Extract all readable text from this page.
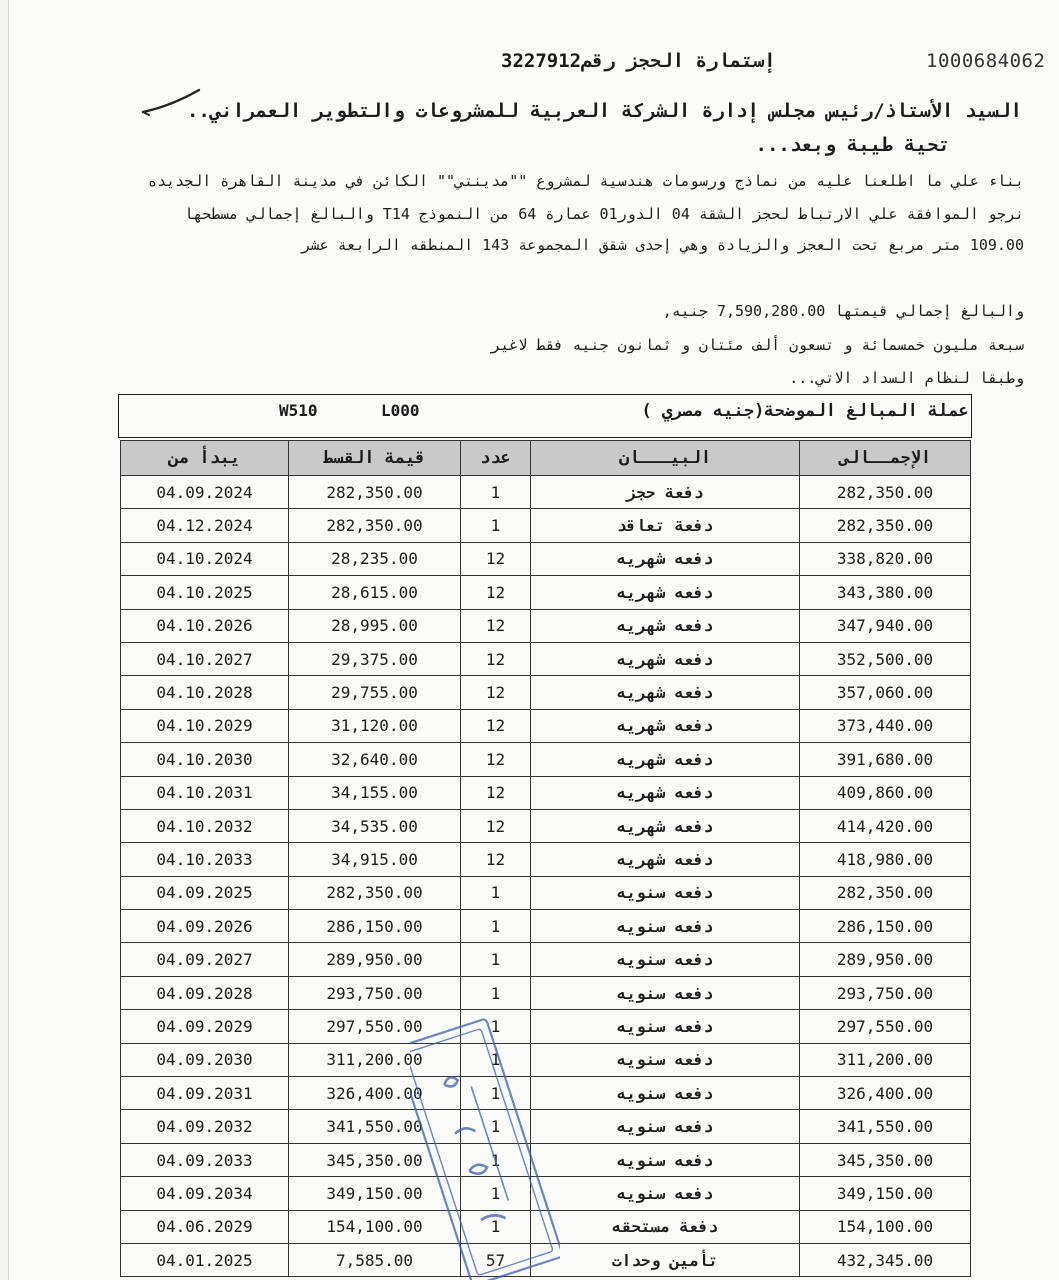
1000684062
إستمارة الحجز رقم3227912
السيد الأستاذ/رئيس مجلس إدارة الشركة العربية للمشروعات والتطوير العمراني..
تحية طيبة وبعد...
بناء علي ما اطلعنا عليه من نماذج ورسومات هندسية لمشروع ""مدينتي"" الكائن في مدينة القاهرة الجديده
نرجو الموافقة علي الارتباط لحجز الشقة 04 الدور01 عمارة 64 من النموذج T14 والبالغ إجمالي مسطحها
109.00 متر مربع تحت العجز والزيادة وهي إحدى شقق المجموعة 143 المنطقه الرابعة عشر
والبالغ إجمالي قيمتها 7,590,280.00 جنيه,
سبعة مليون خمسمائة و تسعون ألف مئتان و ثمانون جنيه فقط لاغير
وطبقا لنظام السداد الاتي...
عملة المبالغ الموضحة(جنيه مصري )
W510	L000
يبدأ من	قيمة القسط	عدد	البيـــان	الإجمــالى
04.09.2024	282,350.00	1	دفعة حجز	282,350.00
04.12.2024	282,350.00	1	دفعة تعاقد	282,350.00
04.10.2024	28,235.00	12	دفعه شهريه	338,820.00
04.10.2025	28,615.00	12	دفعه شهريه	343,380.00
04.10.2026	28,995.00	12	دفعه شهريه	347,940.00
04.10.2027	29,375.00	12	دفعه شهريه	352,500.00
04.10.2028	29,755.00	12	دفعه شهريه	357,060.00
04.10.2029	31,120.00	12	دفعه شهريه	373,440.00
04.10.2030	32,640.00	12	دفعه شهريه	391,680.00
04.10.2031	34,155.00	12	دفعه شهريه	409,860.00
04.10.2032	34,535.00	12	دفعه شهريه	414,420.00
04.10.2033	34,915.00	12	دفعه شهريه	418,980.00
04.09.2025	282,350.00	1	دفعه سنويه	282,350.00
04.09.2026	286,150.00	1	دفعه سنويه	286,150.00
04.09.2027	289,950.00	1	دفعه سنويه	289,950.00
04.09.2028	293,750.00	1	دفعه سنويه	293,750.00
04.09.2029	297,550.00	1	دفعه سنويه	297,550.00
04.09.2030	311,200.00	1	دفعه سنويه	311,200.00
04.09.2031	326,400.00	1	دفعه سنويه	326,400.00
04.09.2032	341,550.00	1	دفعه سنويه	341,550.00
04.09.2033	345,350.00	1	دفعه سنويه	345,350.00
04.09.2034	349,150.00	1	دفعه سنويه	349,150.00
04.06.2029	154,100.00	1	دفعة مستحقه	154,100.00
04.01.2025	7,585.00	57	تأمين وحدات	432,345.00
